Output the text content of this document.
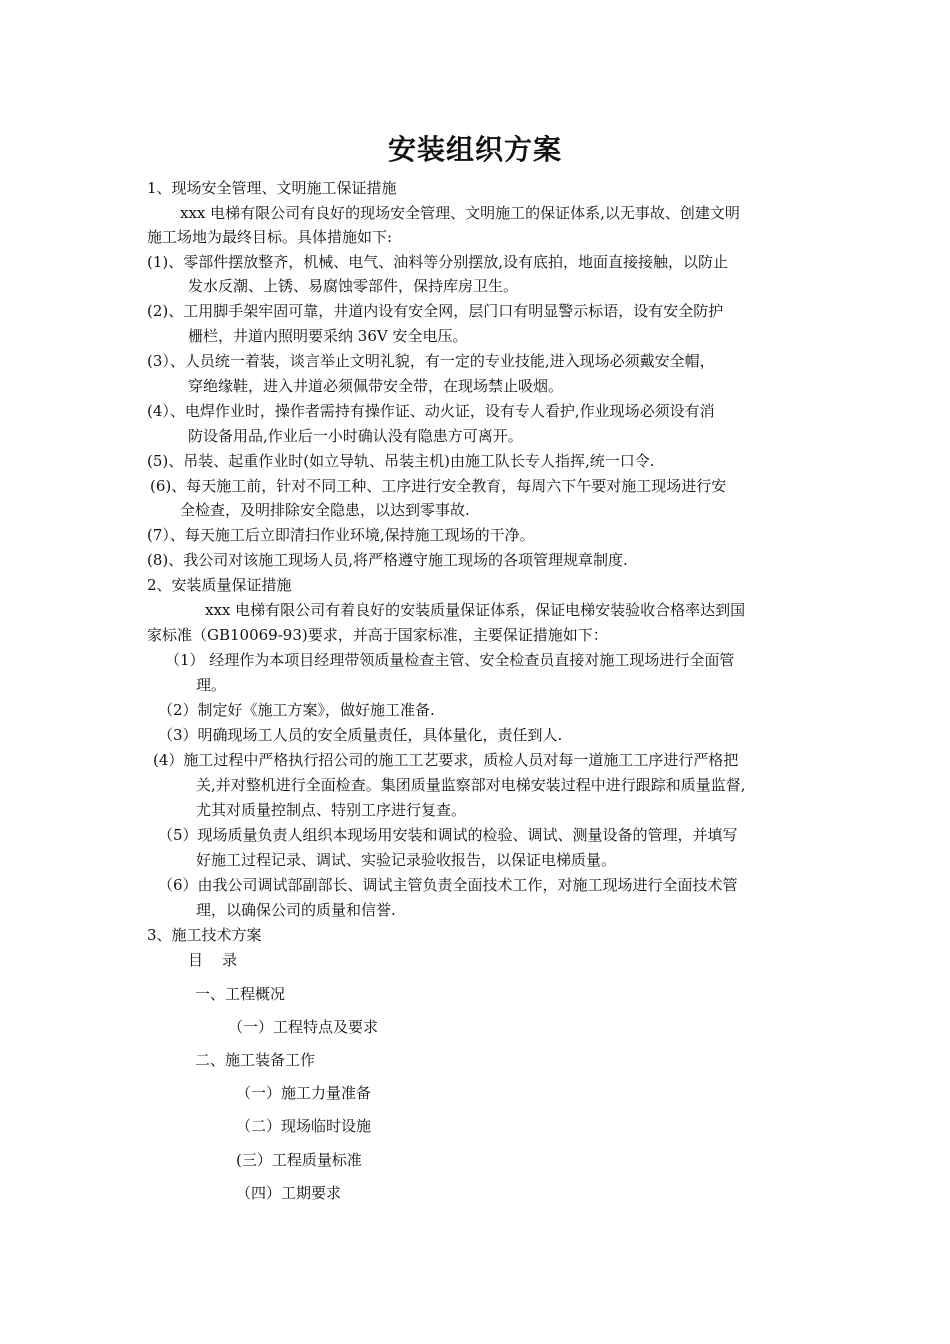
安装组织方案
1、现场安全管理、文明施工保证措施
xxx 电梯有限公司有良好的现场安全管理、文明施工的保证体系,以无事故、创建文明
施工场地为最终目标。具体措施如下:
(1)、零部件摆放整齐，机械、电气、油料等分别摆放,设有底拍，地面直接接触，以防止
发水反潮、上锈、易腐蚀零部件，保持库房卫生。
(2)、工用脚手架牢固可靠，井道内设有安全网，层门口有明显警示标语，设有安全防护
栅栏，井道内照明要采纳 36V 安全电压。
(3）、人员统一着装，谈言举止文明礼貌，有一定的专业技能,进入现场必须戴安全帽，
穿绝缘鞋，进入井道必须佩带安全带，在现场禁止吸烟。
(4）、电焊作业时，操作者需持有操作证、动火证，设有专人看护,作业现场必须设有消
防设备用品,作业后一小时确认没有隐患方可离开。
(5)、吊装、起重作业时(如立导轨、吊装主机)由施工队长专人指挥,统一口令.
(6)、每天施工前，针对不同工种、工序进行安全教育，每周六下午要对施工现场进行安
全检查，及明排除安全隐患，以达到零事故.
(7）、每天施工后立即清扫作业环境,保持施工现场的干净。
(8)、我公司对该施工现场人员,将严格遵守施工现场的各项管理规章制度.
2、安装质量保证措施
xxx 电梯有限公司有着良好的安装质量保证体系，保证电梯安装验收合格率达到国
家标准（GB10069-93)要求，并高于国家标准，主要保证措施如下：
（1） 经理作为本项目经理带领质量检查主管、安全检查员直接对施工现场进行全面管
理。
（2）制定好《施工方案》，做好施工准备.
（3）明确现场工人员的安全质量责任，具体量化，责任到人.
(4）施工过程中严格执行招公司的施工工艺要求，质检人员对每一道施工工序进行严格把
关,并对整机进行全面检查。集团质量监察部对电梯安装过程中进行跟踪和质量监督,
尤其对质量控制点、特别工序进行复查。
（5）现场质量负责人组织本现场用安装和调试的检验、调试、测量设备的管理，并填写
好施工过程记录、调试、实验记录验收报告，以保证电梯质量。
（6）由我公司调试部副部长、调试主管负责全面技术工作，对施工现场进行全面技术管
理，以确保公司的质量和信誉.
3、施工技术方案
目    录
一、工程概况
（一）工程特点及要求
二、施工装备工作
（一）施工力量准备
（二）现场临时设施
(三）工程质量标准
（四）工期要求
